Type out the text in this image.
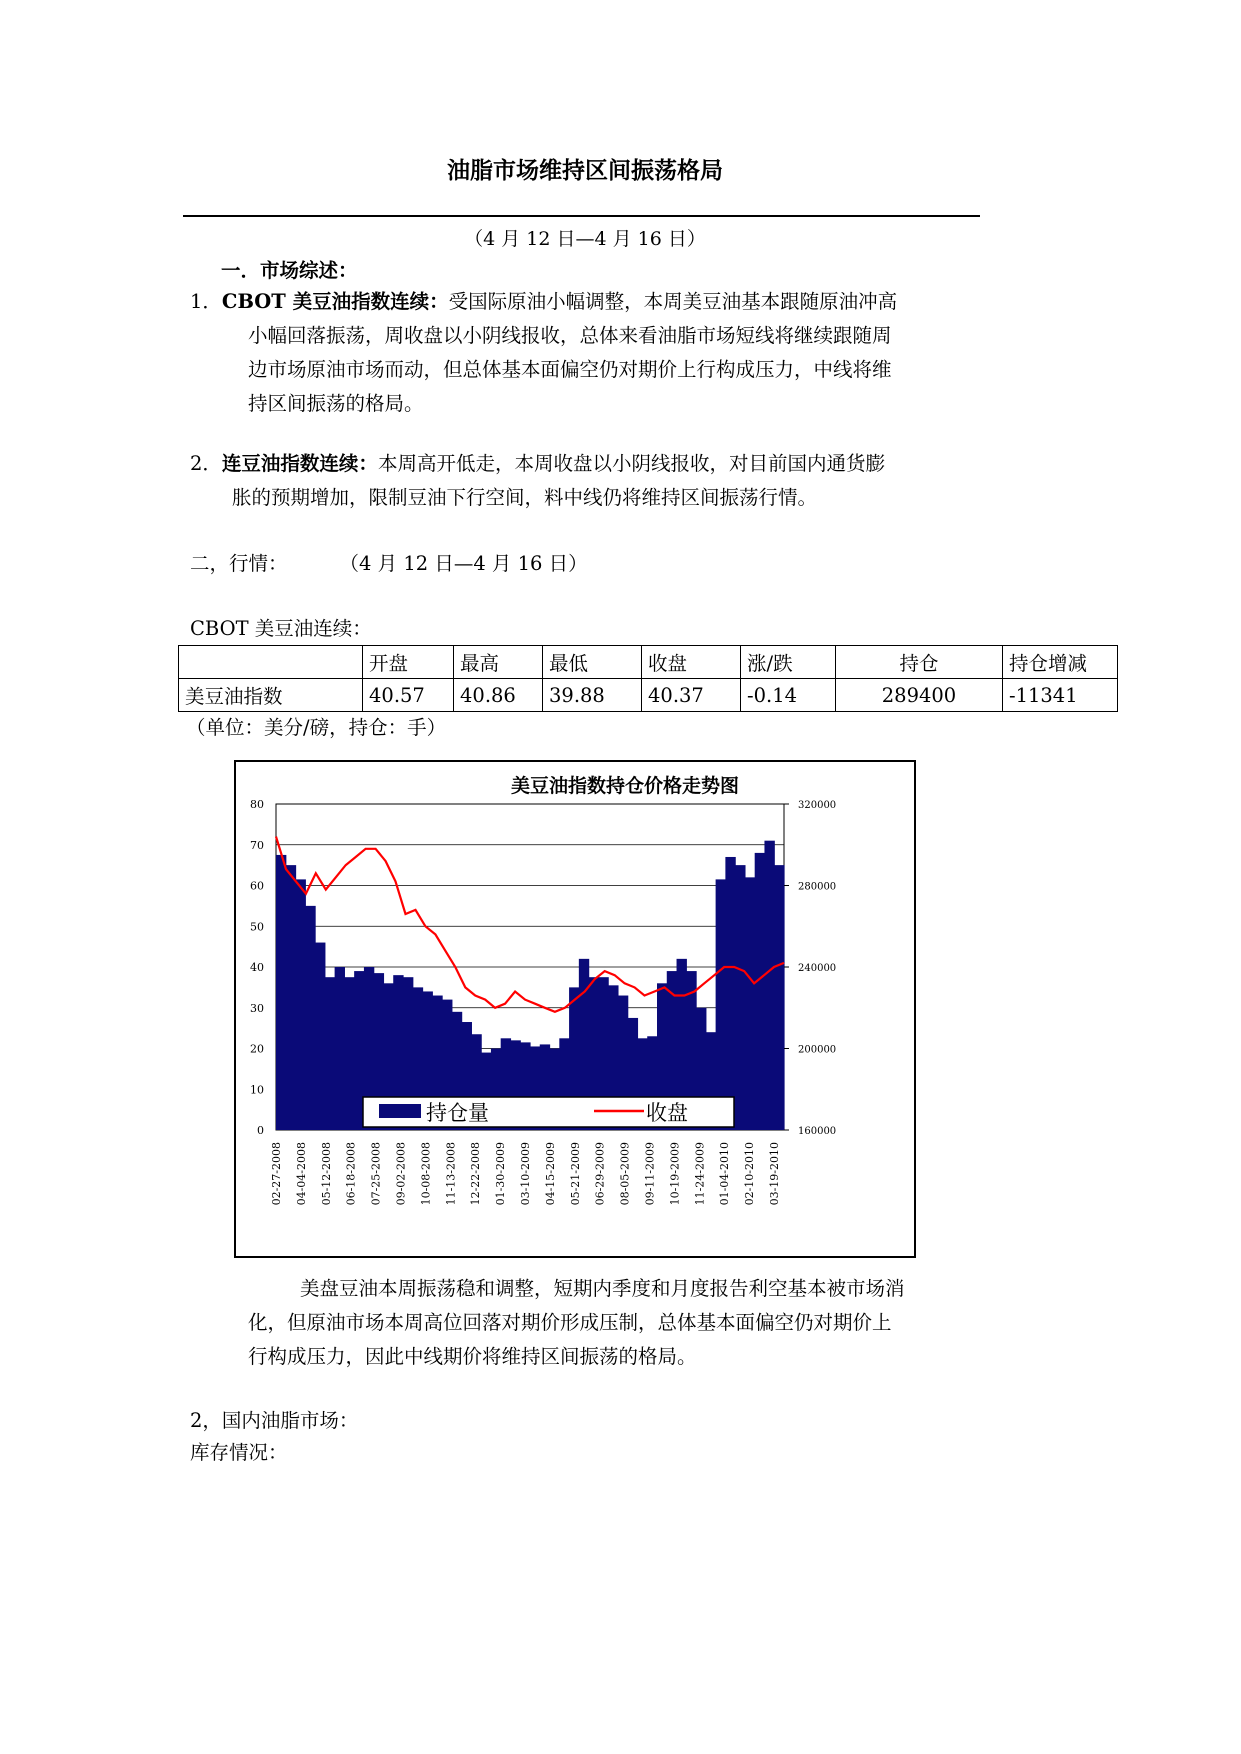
油脂市场维持区间振荡格局
（4 月 12 日—4 月 16 日）
一．市场综述：
1．CBOT 美豆油指数连续：受国际原油小幅调整，本周美豆油基本跟随原油冲高
小幅回落振荡，周收盘以小阴线报收，总体来看油脂市场短线将继续跟随周
边市场原油市场而动，但总体基本面偏空仍对期价上行构成压力，中线将维
持区间振荡的格局。
2．连豆油指数连续：本周高开低走，本周收盘以小阴线报收，对目前国内通货膨
胀的预期增加，限制豆油下行空间，料中线仍将维持区间振荡行情。
二，行情：	（4 月 12 日—4 月 16 日）
CBOT 美豆油连续：
	开盘	最高	最低	收盘	涨/跌	持仓	持仓增减
美豆油指数	40.57	40.86	39.88	40.37	-0.14	289400	-11341
（单位：美分/磅，持仓：手）
美豆油指数持仓价格走势图
0
10
20
30
40
50
60
70
80
160000
200000
240000
280000
320000
02-27-2008 04-04-2008 05-12-2008 06-18-2008 07-25-2008 09-02-2008 10-08-2008 11-13-2008 12-22-2008 01-30-2009 03-10-2009 04-15-2009 05-21-2009 06-29-2009 08-05-2009 09-11-2009 10-19-2009 11-24-2009 01-04-2010 02-10-2010 03-19-2010
持仓量	收盘
美盘豆油本周振荡稳和调整，短期内季度和月度报告利空基本被市场消
化，但原油市场本周高位回落对期价形成压制，总体基本面偏空仍对期价上
行构成压力，因此中线期价将维持区间振荡的格局。
2，国内油脂市场：
库存情况：
